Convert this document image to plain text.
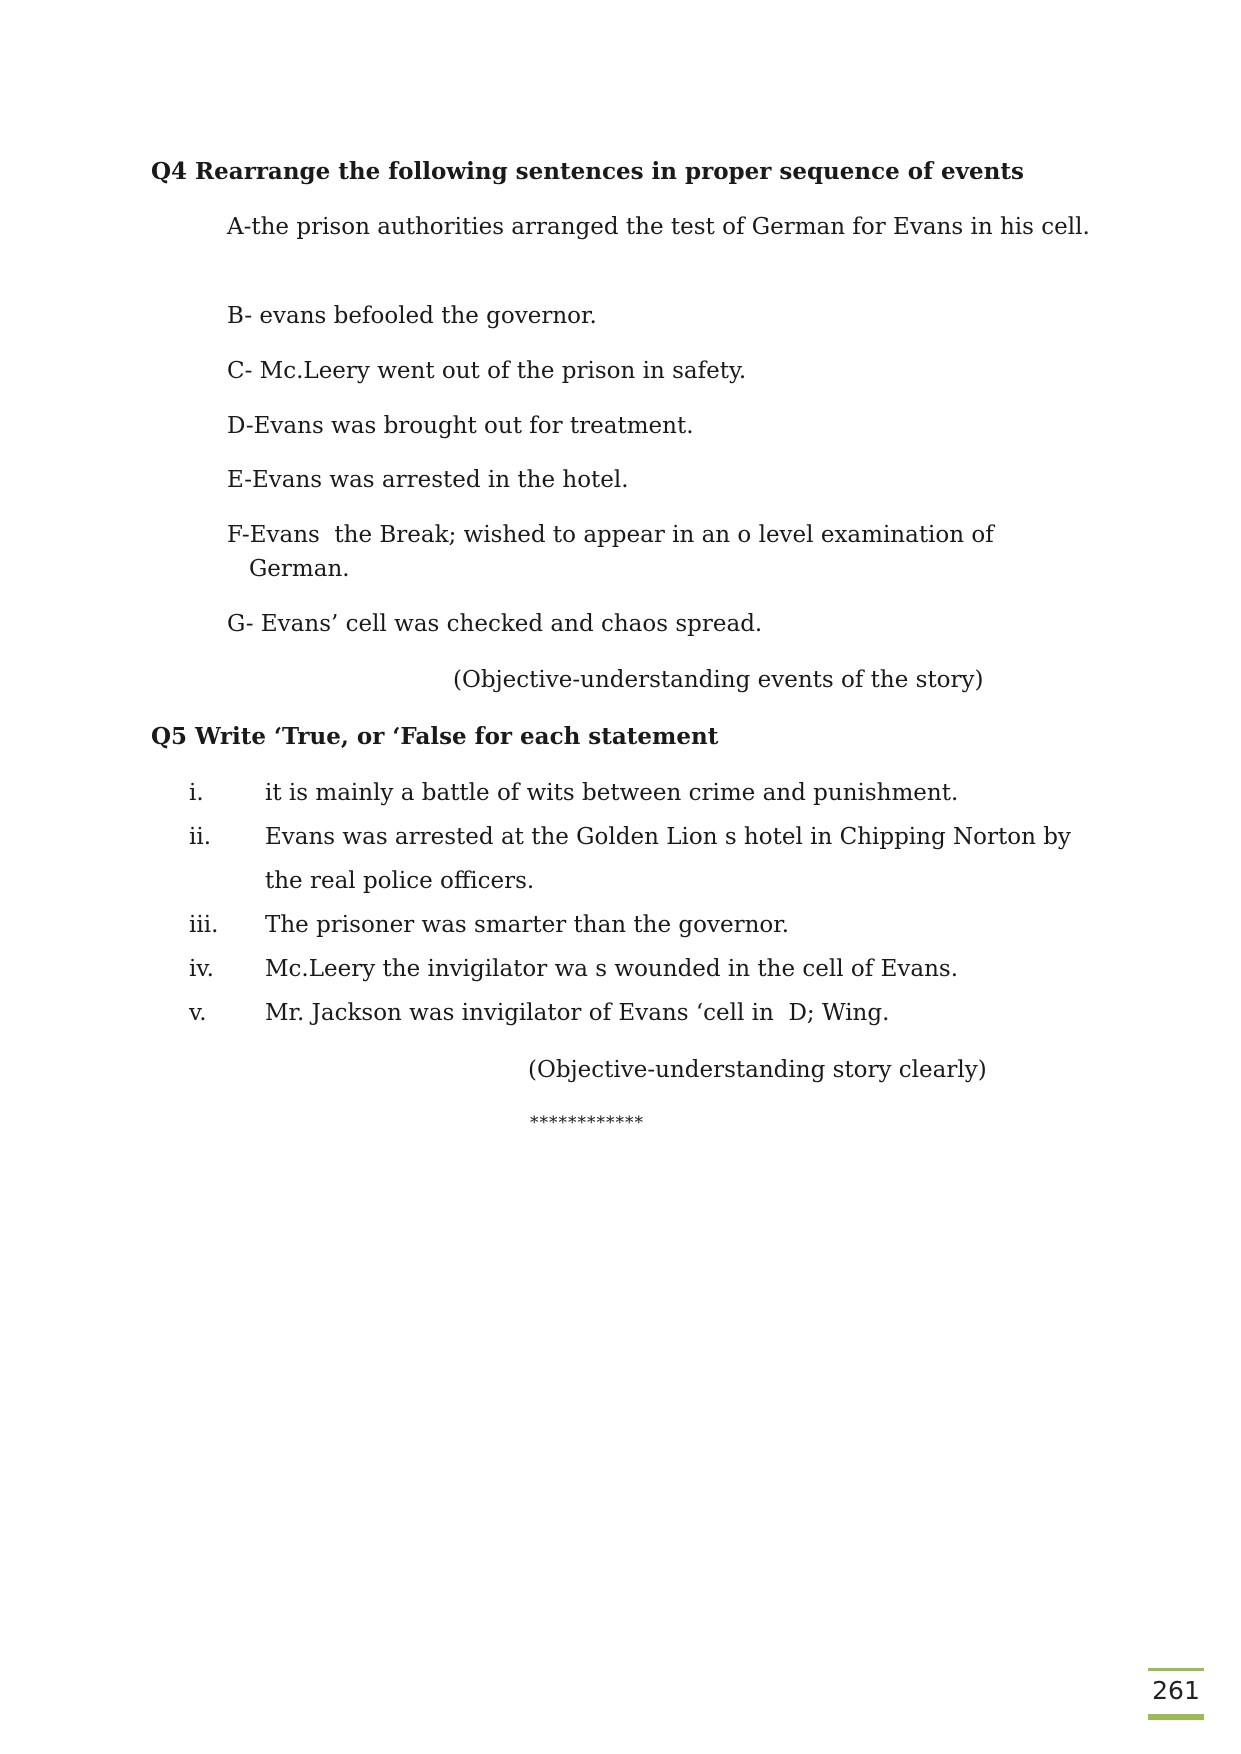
Q4 Rearrange the following sentences in proper sequence of events
A-the prison authorities arranged the test of German for Evans in his cell.
B- evans befooled the governor.
C- Mc.Leery went out of the prison in safety.
D-Evans was brought out for treatment.
E-Evans was arrested in the hotel.
F-Evans  the Break; wished to appear in an o level examination of
German.
G- Evans’ cell was checked and chaos spread.
(Objective-understanding events of the story)
Q5 Write ‘True, or ‘False for each statement
i.	it is mainly a battle of wits between crime and punishment.
ii. Evans was arrested at the Golden Lion s hotel in Chipping Norton by the real police officers.
iii. The prisoner was smarter than the governor.
iv. Mc.Leery the invigilator wa s wounded in the cell of Evans.
v.	Mr. Jackson was invigilator of Evans ‘cell in  D; Wing.
(Objective-understanding story clearly)
************
261
